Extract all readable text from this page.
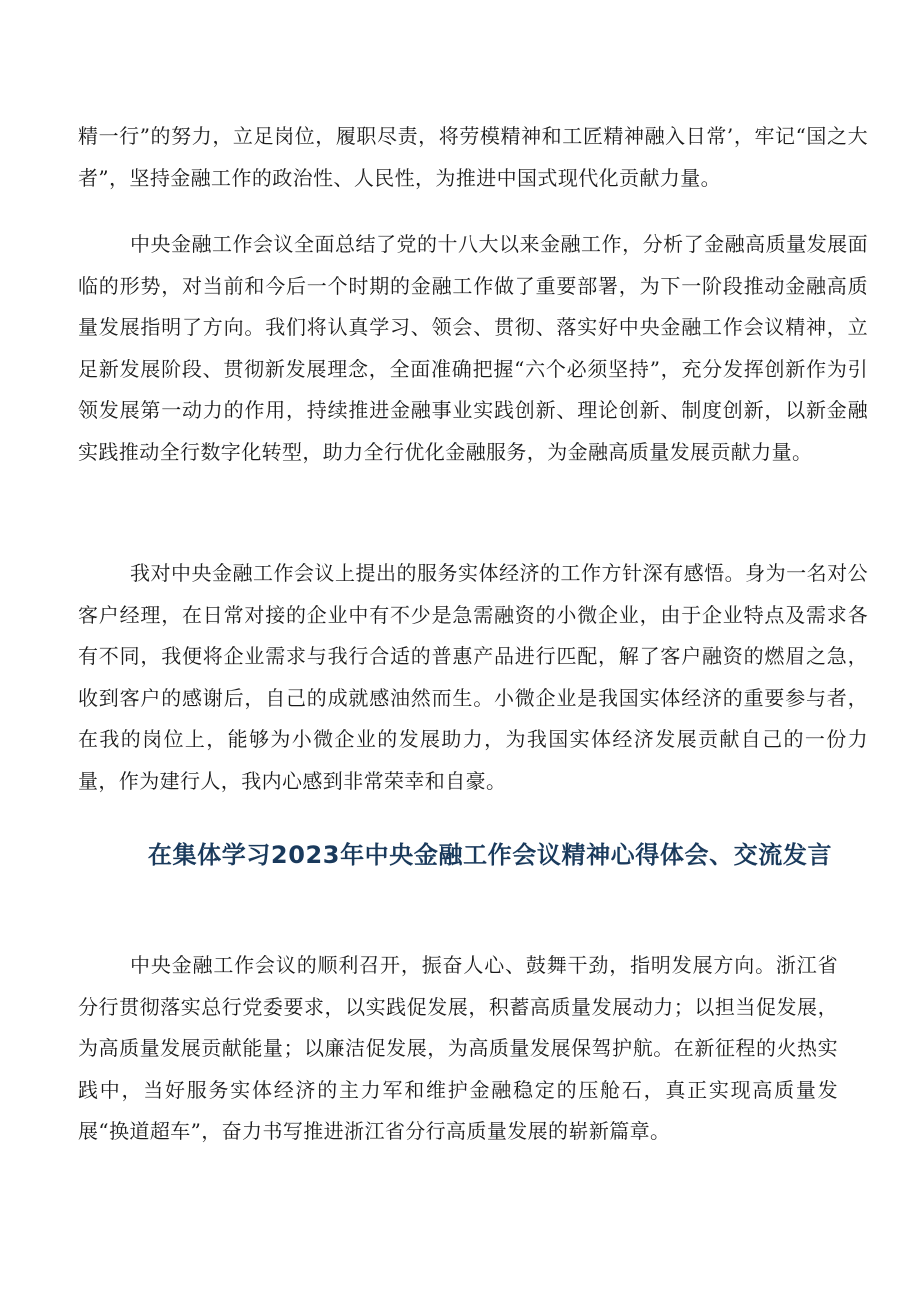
精一行”的努力，立足岗位，履职尽责，将劳模精神和工匠精神融入日常’，牢记“国之大者”，坚持金融工作的政治性、人民性，为推进中国式现代化贡献力量。

中央金融工作会议全面总结了党的十八大以来金融工作，分析了金融高质量发展面临的形势，对当前和今后一个时期的金融工作做了重要部署，为下一阶段推动金融高质量发展指明了方向。我们将认真学习、领会、贯彻、落实好中央金融工作会议精神，立足新发展阶段、贯彻新发展理念，全面准确把握“六个必须坚持”，充分发挥创新作为引领发展第一动力的作用，持续推进金融事业实践创新、理论创新、制度创新，以新金融实践推动全行数字化转型，助力全行优化金融服务，为金融高质量发展贡献力量。

我对中央金融工作会议上提出的服务实体经济的工作方针深有感悟。身为一名对公客户经理，在日常对接的企业中有不少是急需融资的小微企业，由于企业特点及需求各有不同，我便将企业需求与我行合适的普惠产品进行匹配，解了客户融资的燃眉之急，收到客户的感谢后，自己的成就感油然而生。小微企业是我国实体经济的重要参与者，在我的岗位上，能够为小微企业的发展助力，为我国实体经济发展贡献自己的一份力量，作为建行人，我内心感到非常荣幸和自豪。

在集体学习2023年中央金融工作会议精神心得体会、交流发言

中央金融工作会议的顺利召开，振奋人心、鼓舞干劲，指明发展方向。浙江省分行贯彻落实总行党委要求，以实践促发展，积蓄高质量发展动力；以担当促发展，为高质量发展贡献能量；以廉洁促发展，为高质量发展保驾护航。在新征程的火热实践中，当好服务实体经济的主力军和维护金融稳定的压舱石，真正实现高质量发展“换道超车”，奋力书写推进浙江省分行高质量发展的崭新篇章。
